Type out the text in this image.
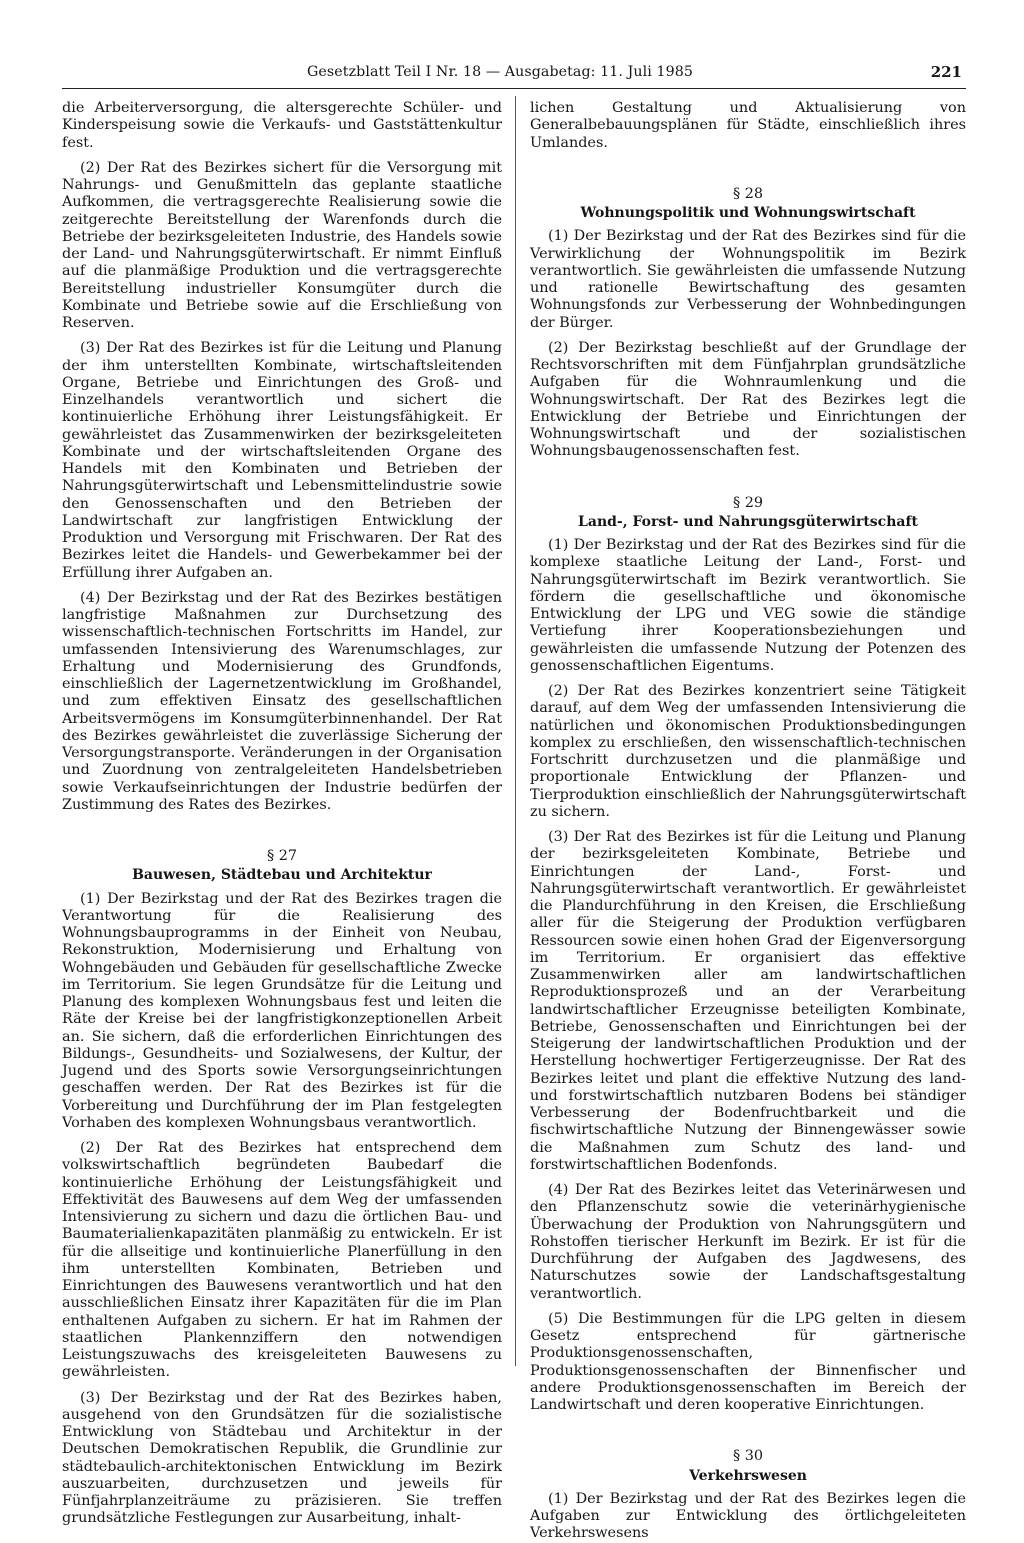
Gesetzblatt Teil I Nr. 18 — Ausgabetag: 11. Juli 1985	221

die Arbeiterversorgung, die altersgerechte Schüler- und Kinderspeisung sowie die Verkaufs- und Gaststättenkultur fest.

(2) Der Rat des Bezirkes sichert für die Versorgung mit Nahrungs- und Genußmitteln das geplante staatliche Aufkommen, die vertragsgerechte Realisierung sowie die zeitgerechte Bereitstellung der Warenfonds durch die Betriebe der bezirksgeleiteten Industrie, des Handels sowie der Land- und Nahrungsgüterwirtschaft. Er nimmt Einfluß auf die planmäßige Produktion und die vertragsgerechte Bereitstellung industrieller Konsumgüter durch die Kombinate und Betriebe sowie auf die Erschließung von Reserven.

(3) Der Rat des Bezirkes ist für die Leitung und Planung der ihm unterstellten Kombinate, wirtschaftsleitenden Organe, Betriebe und Einrichtungen des Groß- und Einzelhandels verantwortlich und sichert die kontinuierliche Erhöhung ihrer Leistungsfähigkeit. Er gewährleistet das Zusammenwirken der bezirksgeleiteten Kombinate und der wirtschaftsleitenden Organe des Handels mit den Kombinaten und Betrieben der Nahrungsgüterwirtschaft und Lebensmittelindustrie sowie den Genossenschaften und den Betrieben der Landwirtschaft zur langfristigen Entwicklung der Produktion und Versorgung mit Frischwaren. Der Rat des Bezirkes leitet die Handels- und Gewerbekammer bei der Erfüllung ihrer Aufgaben an.

(4) Der Bezirkstag und der Rat des Bezirkes bestätigen langfristige Maßnahmen zur Durchsetzung des wissenschaftlich-technischen Fortschritts im Handel, zur umfassenden Intensivierung des Warenumschlages, zur Erhaltung und Modernisierung des Grundfonds, einschließlich der Lagernetzentwicklung im Großhandel, und zum effektiven Einsatz des gesellschaftlichen Arbeitsvermögens im Konsumgüterbinnenhandel. Der Rat des Bezirkes gewährleistet die zuverlässige Sicherung der Versorgungstransporte. Veränderungen in der Organisation und Zuordnung von zentralgeleiteten Handelsbetrieben sowie Verkaufseinrichtungen der Industrie bedürfen der Zustimmung des Rates des Bezirkes.

§ 27
Bauwesen, Städtebau und Architektur

(1) Der Bezirkstag und der Rat des Bezirkes tragen die Verantwortung für die Realisierung des Wohnungsbauprogramms in der Einheit von Neubau, Rekonstruktion, Modernisierung und Erhaltung von Wohngebäuden und Gebäuden für gesellschaftliche Zwecke im Territorium. Sie legen Grundsätze für die Leitung und Planung des komplexen Wohnungsbaus fest und leiten die Räte der Kreise bei der langfristigkonzeptionellen Arbeit an. Sie sichern, daß die erforderlichen Einrichtungen des Bildungs-, Gesundheits- und Sozialwesens, der Kultur, der Jugend und des Sports sowie Versorgungseinrichtungen geschaffen werden. Der Rat des Bezirkes ist für die Vorbereitung und Durchführung der im Plan festgelegten Vorhaben des komplexen Wohnungsbaus verantwortlich.

(2) Der Rat des Bezirkes hat entsprechend dem volkswirtschaftlich begründeten Baubedarf die kontinuierliche Erhöhung der Leistungsfähigkeit und Effektivität des Bauwesens auf dem Weg der umfassenden Intensivierung zu sichern und dazu die örtlichen Bau- und Baumaterialienkapazitäten planmäßig zu entwickeln. Er ist für die allseitige und kontinuierliche Planerfüllung in den ihm unterstellten Kombinaten, Betrieben und Einrichtungen des Bauwesens verantwortlich und hat den ausschließlichen Einsatz ihrer Kapazitäten für die im Plan enthaltenen Aufgaben zu sichern. Er hat im Rahmen der staatlichen Plankennziffern den notwendigen Leistungszuwachs des kreisgeleiteten Bauwesens zu gewährleisten.

(3) Der Bezirkstag und der Rat des Bezirkes haben, ausgehend von den Grundsätzen für die sozialistische Entwicklung von Städtebau und Architektur in der Deutschen Demokratischen Republik, die Grundlinie zur städtebaulich-architektonischen Entwicklung im Bezirk auszuarbeiten, durchzusetzen und jeweils für Fünfjahrplanzeiträume zu präzisieren. Sie treffen grundsätzliche Festlegungen zur Ausarbeitung, inhalt-

lichen Gestaltung und Aktualisierung von Generalbebauungsplänen für Städte, einschließlich ihres Umlandes.

§ 28
Wohnungspolitik und Wohnungswirtschaft

(1) Der Bezirkstag und der Rat des Bezirkes sind für die Verwirklichung der Wohnungspolitik im Bezirk verantwortlich. Sie gewährleisten die umfassende Nutzung und rationelle Bewirtschaftung des gesamten Wohnungsfonds zur Verbesserung der Wohnbedingungen der Bürger.

(2) Der Bezirkstag beschließt auf der Grundlage der Rechtsvorschriften mit dem Fünfjahrplan grundsätzliche Aufgaben für die Wohnraumlenkung und die Wohnungswirtschaft. Der Rat des Bezirkes legt die Entwicklung der Betriebe und Einrichtungen der Wohnungswirtschaft und der sozialistischen Wohnungsbaugenossenschaften fest.

§ 29
Land-, Forst- und Nahrungsgüterwirtschaft

(1) Der Bezirkstag und der Rat des Bezirkes sind für die komplexe staatliche Leitung der Land-, Forst- und Nahrungsgüterwirtschaft im Bezirk verantwortlich. Sie fördern die gesellschaftliche und ökonomische Entwicklung der LPG und VEG sowie die ständige Vertiefung ihrer Kooperationsbeziehungen und gewährleisten die umfassende Nutzung der Potenzen des genossenschaftlichen Eigentums.

(2) Der Rat des Bezirkes konzentriert seine Tätigkeit darauf, auf dem Weg der umfassenden Intensivierung die natürlichen und ökonomischen Produktionsbedingungen komplex zu erschließen, den wissenschaftlich-technischen Fortschritt durchzusetzen und die planmäßige und proportionale Entwicklung der Pflanzen- und Tierproduktion einschließlich der Nahrungsgüterwirtschaft zu sichern.

(3) Der Rat des Bezirkes ist für die Leitung und Planung der bezirksgeleiteten Kombinate, Betriebe und Einrichtungen der Land-, Forst- und Nahrungsgüterwirtschaft verantwortlich. Er gewährleistet die Plandurchführung in den Kreisen, die Erschließung aller für die Steigerung der Produktion verfügbaren Ressourcen sowie einen hohen Grad der Eigenversorgung im Territorium. Er organisiert das effektive Zusammenwirken aller am landwirtschaftlichen Reproduktionsprozeß und an der Verarbeitung landwirtschaftlicher Erzeugnisse beteiligten Kombinate, Betriebe, Genossenschaften und Einrichtungen bei der Steigerung der landwirtschaftlichen Produktion und der Herstellung hochwertiger Fertigerzeugnisse. Der Rat des Bezirkes leitet und plant die effektive Nutzung des land- und forstwirtschaftlich nutzbaren Bodens bei ständiger Verbesserung der Bodenfruchtbarkeit und die fischwirtschaftliche Nutzung der Binnengewässer sowie die Maßnahmen zum Schutz des land- und forstwirtschaftlichen Bodenfonds.

(4) Der Rat des Bezirkes leitet das Veterinärwesen und den Pflanzenschutz sowie die veterinärhygienische Überwachung der Produktion von Nahrungsgütern und Rohstoffen tierischer Herkunft im Bezirk. Er ist für die Durchführung der Aufgaben des Jagdwesens, des Naturschutzes sowie der Landschaftsgestaltung verantwortlich.

(5) Die Bestimmungen für die LPG gelten in diesem Gesetz entsprechend für gärtnerische Produktionsgenossenschaften, Produktionsgenossenschaften der Binnenfischer und andere Produktionsgenossenschaften im Bereich der Landwirtschaft und deren kooperative Einrichtungen.

§ 30
Verkehrswesen

(1) Der Bezirkstag und der Rat des Bezirkes legen die Aufgaben zur Entwicklung des örtlichgeleiteten Verkehrswesens
